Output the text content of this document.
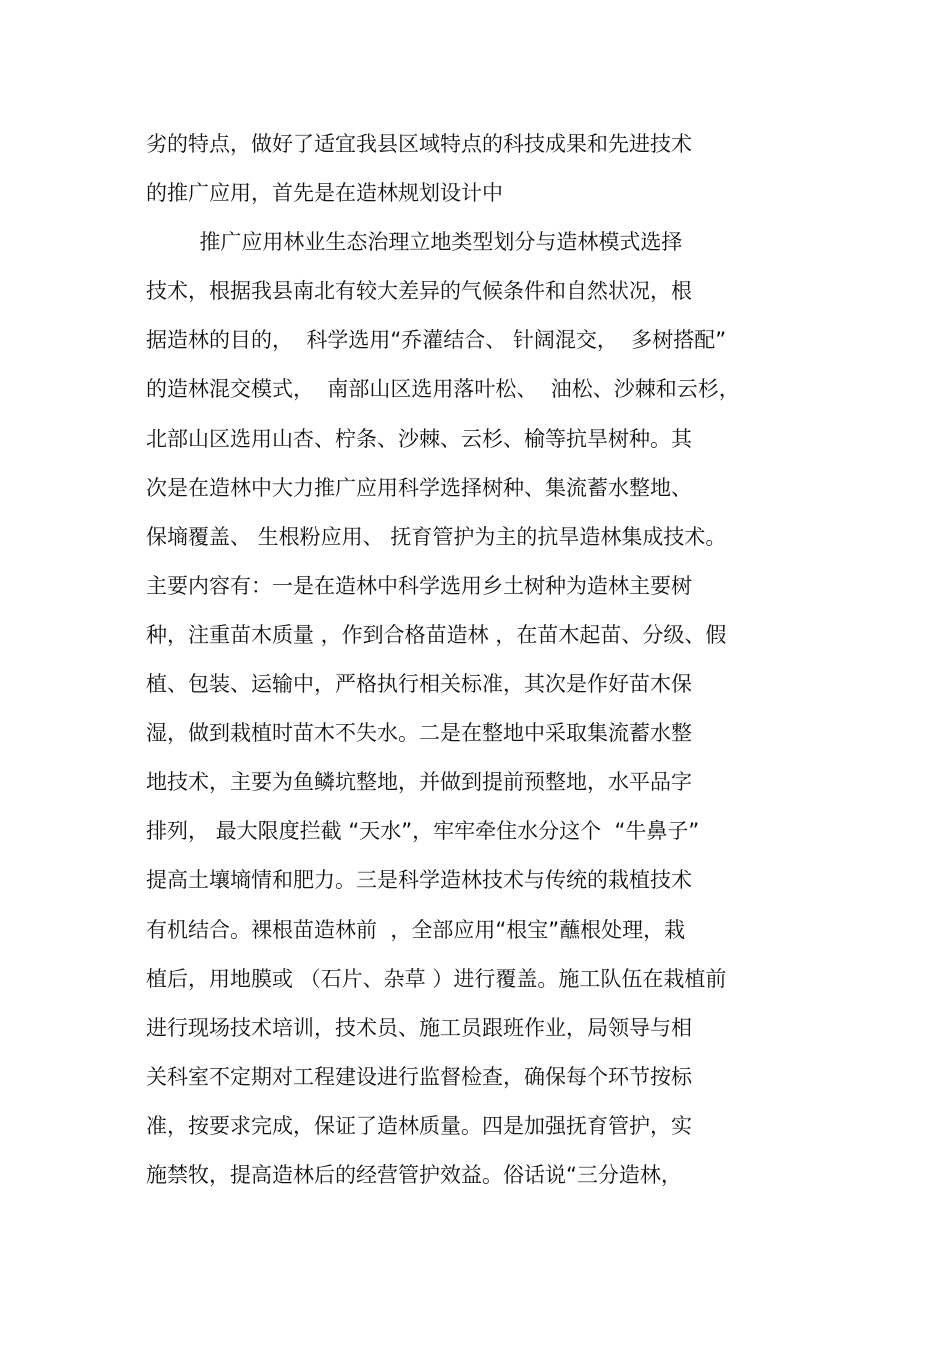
劣的特点，做好了适宜我县区域特点的科技成果和先进技术
的推广应用，首先是在造林规划设计中
推广应用林业生态治理立地类型划分与造林模式选择
技术，根据我县南北有较大差异的气候条件和自然状况，根
据造林的目的，  科学选用“乔灌结合、 针阔混交，  多树搭配”
的造林混交模式，  南部山区选用落叶松、  油松、沙棘和云杉，
北部山区选用山杏、柠条、沙棘、云杉、榆等抗旱树种。其
次是在造林中大力推广应用科学选择树种、集流蓄水整地、
保墒覆盖、 生根粉应用、 抚育管护为主的抗旱造林集成技术。
主要内容有：一是在造林中科学选用乡土树种为造林主要树
种，注重苗木质量 ，作到合格苗造林 ，在苗木起苗、分级、假
植、包装、运输中，严格执行相关标准，其次是作好苗木保
湿，做到栽植时苗木不失水。二是在整地中采取集流蓄水整
地技术，主要为鱼鳞坑整地，并做到提前预整地，水平品字
排列， 最大限度拦截 “天水”，牢牢牵住水分这个  “牛鼻子”
提高土壤墒情和肥力。三是科学造林技术与传统的栽植技术
有机结合。裸根苗造林前  ，全部应用“根宝”蘸根处理，栽
植后，用地膜或 （石片、杂草 ）进行覆盖。施工队伍在栽植前
进行现场技术培训，技术员、施工员跟班作业，局领导与相
关科室不定期对工程建设进行监督检查，确保每个环节按标
准，按要求完成，保证了造林质量。四是加强抚育管护，实
施禁牧，提高造林后的经营管护效益。俗话说“三分造林，
